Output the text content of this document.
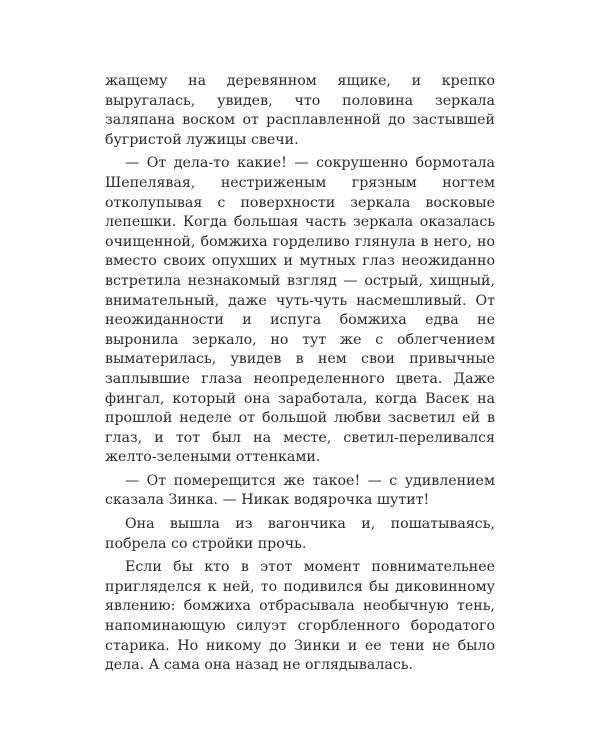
жащему на деревянном ящике, и крепко выругалась, увидев, что половина зеркала заляпана воском от расплавленной до застывшей бугристой лужицы свечи.

— От дела-то какие! — сокрушенно бормотала Шепелявая, нестриженым грязным ногтем отколупывая с поверхности зеркала восковые лепешки. Когда большая часть зеркала оказалась очищенной, бомжиха горделиво глянула в него, но вместо своих опухших и мутных глаз неожиданно встретила незнакомый взгляд — острый, хищный, внимательный, даже чуть-чуть насмешливый. От неожиданности и испуга бомжиха едва не выронила зеркало, но тут же с облегчением выматерилась, увидев в нем свои привычные заплывшие глаза неопределенного цвета. Даже фингал, который она заработала, когда Васек на прошлой неделе от большой любви засветил ей в глаз, и тот был на месте, светил-переливался желто-зелеными оттенками.

— От померещится же такое! — с удивлением сказала Зинка. — Никак водярочка шутит!

Она вышла из вагончика и, пошатываясь, побрела со стройки прочь.

Если бы кто в этот момент повнимательнее пригляделся к ней, то подивился бы диковинному явлению: бомжиха отбрасывала необычную тень, напоминающую силуэт сгорбленного бородатого старика. Но никому до Зинки и ее тени не было дела. А сама она назад не оглядывалась.
